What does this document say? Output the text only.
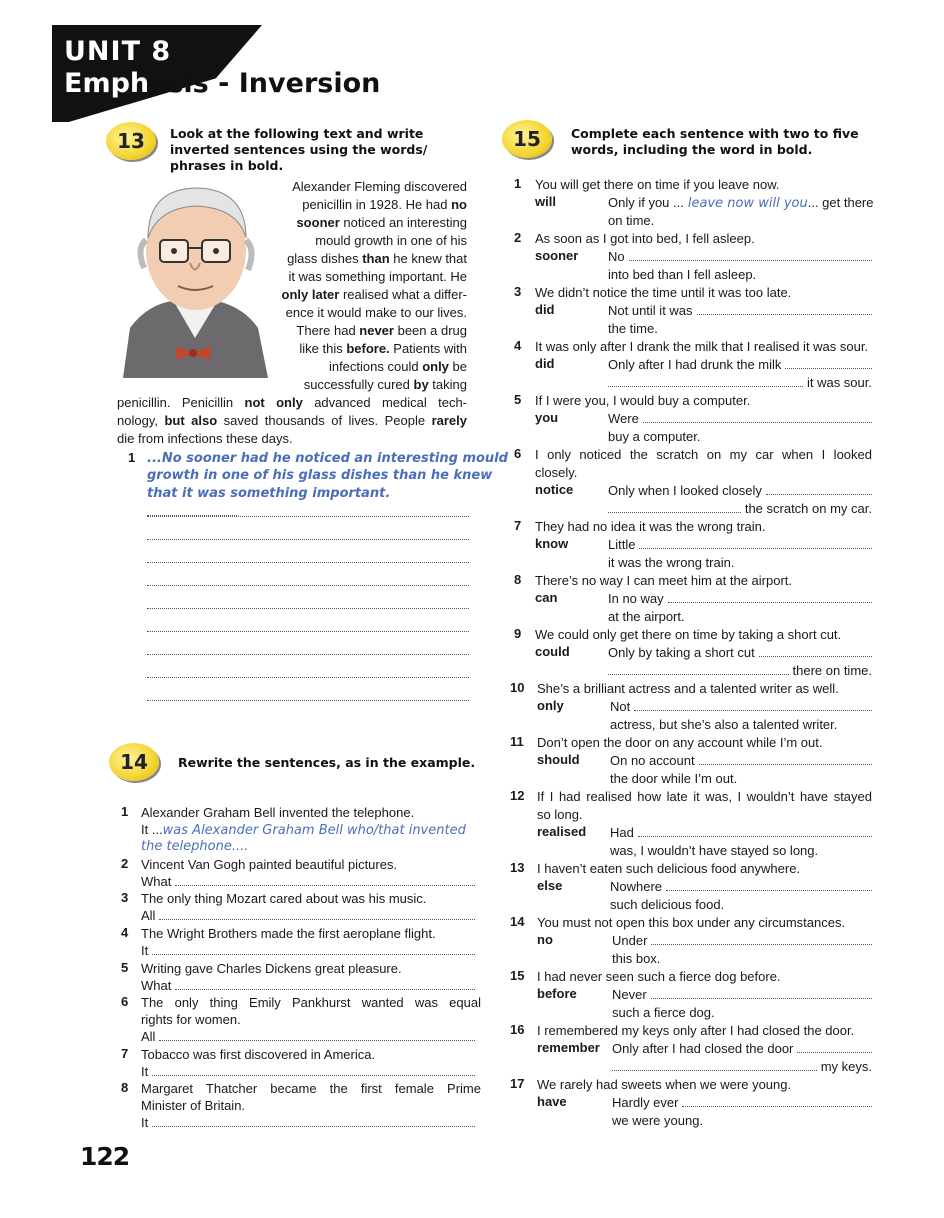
UNIT 8
Emphasis - Inversion
13	Look at the following text and write inverted sentences using the words/ phrases in bold.
Alexander Fleming discovered
penicillin in 1928. He had no
sooner noticed an interesting
mould growth in one of his
glass dishes than he knew that
it was something important. He
only later realised what a differ-
ence it would make to our lives.
There had never been a drug
like this before. Patients with
infections could only be
successfully cured by taking
penicillin. Penicillin not only advanced medical tech-
nology, but also saved thousands of lives. People rarely
die from infections these days.
1 ...No sooner had he noticed an interesting mould
growth in one of his glass dishes than he knew
that it was something important.
14	Rewrite the sentences, as in the example.
1 Alexander Graham Bell invented the telephone.
It ...was Alexander Graham Bell who/that invented
the telephone....
2 Vincent Van Gogh painted beautiful pictures.
What
3 The only thing Mozart cared about was his music.
All
4 The Wright Brothers made the first aeroplane flight.
It
5 Writing gave Charles Dickens great pleasure.
What
6 The only thing Emily Pankhurst wanted was equal
rights for women.
All
7 Tobacco was first discovered in America.
It
8 Margaret Thatcher became the first female Prime
Minister of Britain.
It
15	Complete each sentence with two to five words, including the word in bold.
1 You will get there on time if you leave now.
will	Only if you ... leave now will you ... get there
on time.
2 As soon as I got into bed, I fell asleep.
sooner No
into bed than I fell asleep.
3 We didn’t notice the time until it was too late.
did	Not until it was
the time.
4 It was only after I drank the milk that I realised it was sour.
did	Only after I had drunk the milk
it was sour.
5 If I were you, I would buy a computer.
you	Were
buy a computer.
6 I only noticed the scratch on my car when I looked
closely.
notice	Only when I looked closely
the scratch on my car.
7 They had no idea it was the wrong train.
know	Little
it was the wrong train.
8 There’s no way I can meet him at the airport.
can	In no way
at the airport.
9 We could only get there on time by taking a short cut.
could	Only by taking a short cut
there on time.
10 She’s a brilliant actress and a talented writer as well.
only	Not
actress, but she’s also a talented writer.
11 Don’t open the door on any account while I’m out.
should On no account
the door while I’m out.
12 If I had realised how late it was, I wouldn’t have stayed
so long.
realised Had
was, I wouldn’t have stayed so long.
13 I haven’t eaten such delicious food anywhere.
else	Nowhere
such delicious food.
14 You must not open this box under any circumstances.
no	Under
this box.
15 I had never seen such a fierce dog before.
before	Never
such a fierce dog.
16 I remembered my keys only after I had closed the door.
remember Only after I had closed the door
my keys.
17 We rarely had sweets when we were young.
have	Hardly ever
we were young.
122
